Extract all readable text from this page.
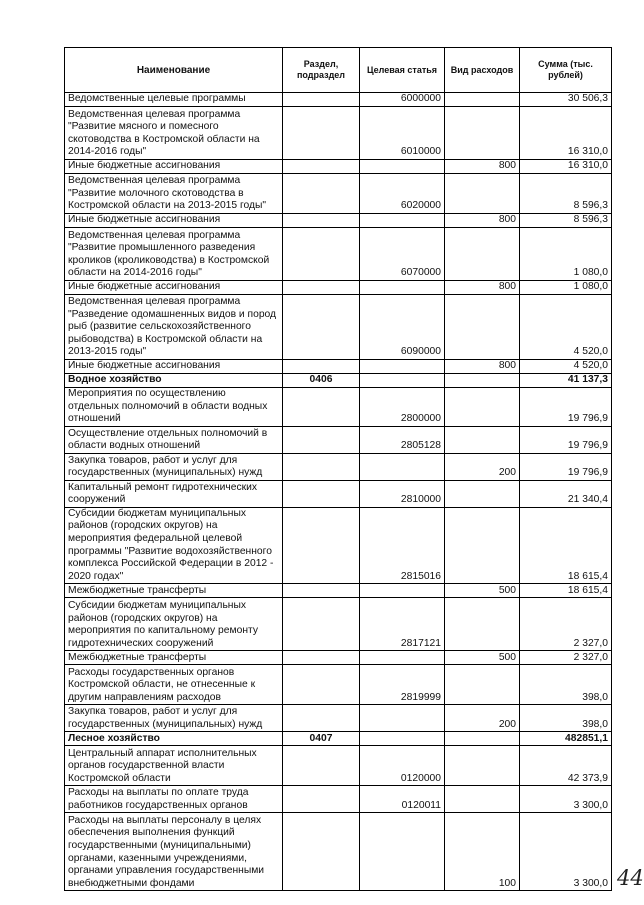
Наименование	Раздел, подраздел	Целевая статья	Вид расходов	Сумма (тыс. рублей)
Ведомственные целевые программы		6000000		30 506,3
Ведомственная целевая программа "Развитие мясного и помесного скотоводства в Костромской области на 2014-2016 годы"		6010000		16 310,0
Иные бюджетные ассигнования			800	16 310,0
Ведомственная целевая программа "Развитие молочного скотоводства в Костромской области на 2013-2015 годы"		6020000		8 596,3
Иные бюджетные ассигнования			800	8 596,3
Ведомственная целевая программа "Развитие промышленного разведения кроликов (кролиководства) в Костромской области на 2014-2016 годы"		6070000		1 080,0
Иные бюджетные ассигнования			800	1 080,0
Ведомственная целевая программа "Разведение одомашненных видов и пород рыб (развитие сельскохозяйственного рыбоводства) в Костромской области на 2013-2015 годы"		6090000		4 520,0
Иные бюджетные ассигнования			800	4 520,0
Водное хозяйство	0406			41 137,3
Мероприятия по осуществлению отдельных полномочий в области водных отношений		2800000		19 796,9
Осуществление отдельных полномочий в области водных отношений		2805128		19 796,9
Закупка товаров, работ и услуг для государственных (муниципальных) нужд			200	19 796,9
Капитальный ремонт гидротехнических сооружений		2810000		21 340,4
Субсидии бюджетам муниципальных районов (городских округов) на мероприятия федеральной целевой программы "Развитие водохозяйственного комплекса Российской Федерации в 2012 - 2020 годах"		2815016		18 615,4
Межбюджетные трансферты			500	18 615,4
Субсидии бюджетам муниципальных районов (городских округов) на мероприятия по капитальному ремонту гидротехнических сооружений		2817121		2 327,0
Межбюджетные трансферты			500	2 327,0
Расходы государственных органов Костромской области, не отнесенные к другим направлениям расходов		2819999		398,0
Закупка товаров, работ и услуг для государственных (муниципальных) нужд			200	398,0
Лесное хозяйство	0407			482851,1
Центральный аппарат исполнительных органов государственной власти Костромской области		0120000		42 373,9
Расходы на выплаты по оплате труда работников государственных органов		0120011		3 300,0
Расходы на выплаты персоналу в целях обеспечения выполнения функций государственными (муниципальными) органами, казенными учреждениями, органами управления государственными внебюджетными фондами			100	3 300,0 44
